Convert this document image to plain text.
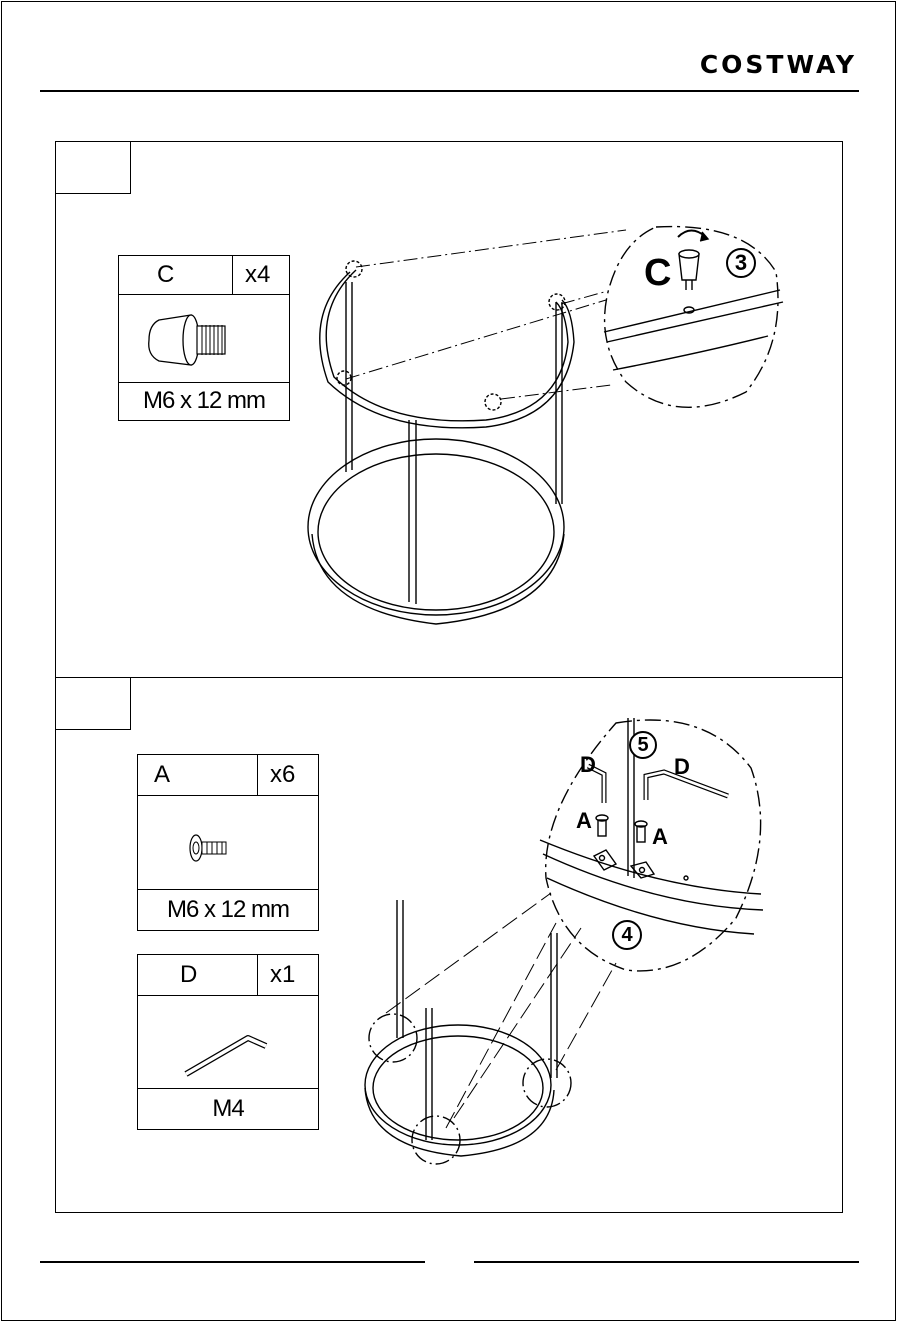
COSTWAY
C	x4
M6 x 12 mm
C	3
A	x6
M6 x 12 mm
D	x1
M4
D	D
A
A
5
4
